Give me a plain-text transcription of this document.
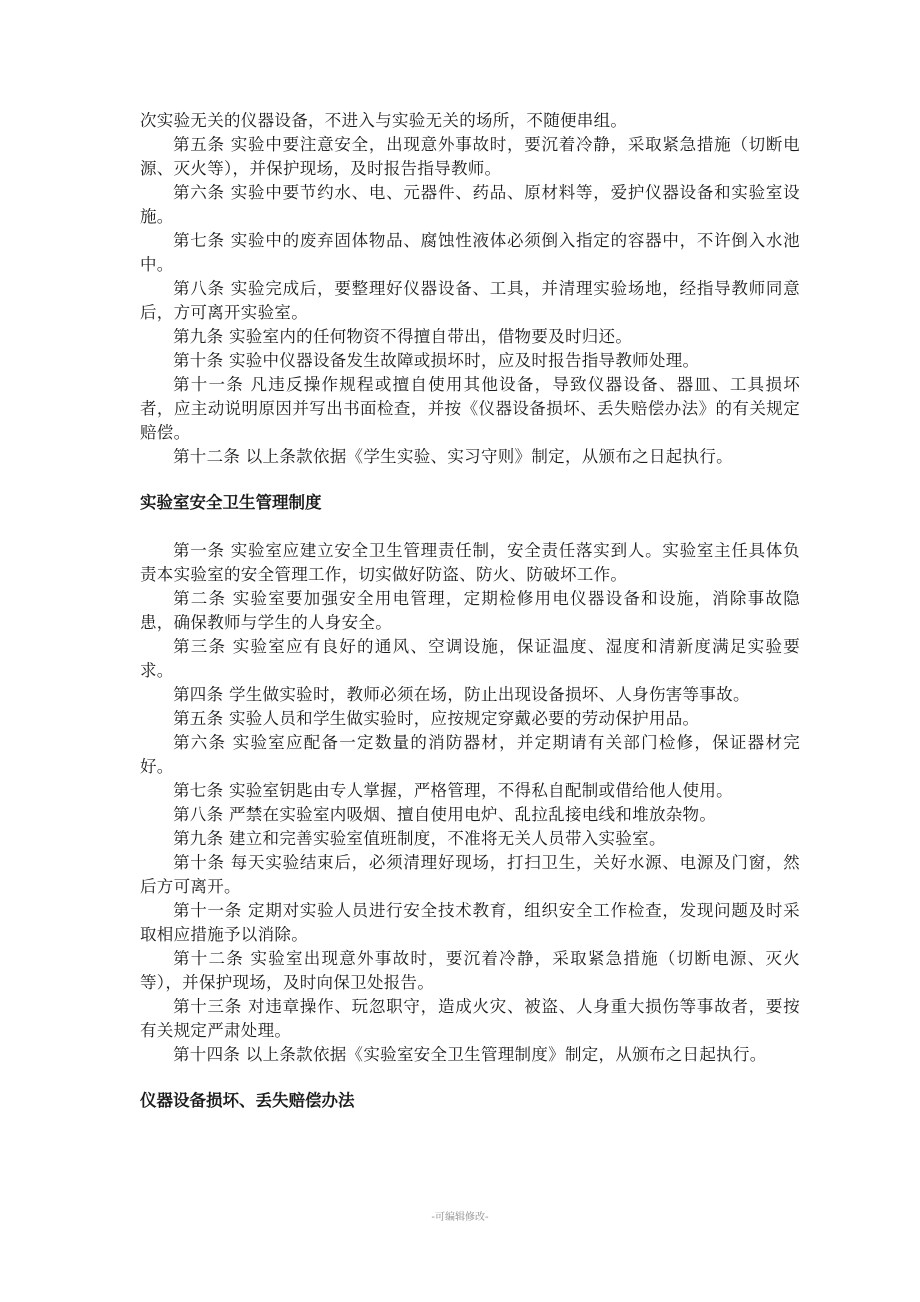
次实验无关的仪器设备，不进入与实验无关的场所，不随便串组。

第五条 实验中要注意安全，出现意外事故时，要沉着冷静，采取紧急措施（切断电源、灭火等），并保护现场，及时报告指导教师。

第六条 实验中要节约水、电、元器件、药品、原材料等，爱护仪器设备和实验室设施。

第七条 实验中的废弃固体物品、腐蚀性液体必须倒入指定的容器中，不许倒入水池中。

第八条 实验完成后，要整理好仪器设备、工具，并清理实验场地，经指导教师同意后，方可离开实验室。

第九条 实验室内的任何物资不得擅自带出，借物要及时归还。

第十条 实验中仪器设备发生故障或损坏时，应及时报告指导教师处理。

第十一条 凡违反操作规程或擅自使用其他设备，导致仪器设备、器皿、工具损坏者，应主动说明原因并写出书面检查，并按《仪器设备损坏、丢失赔偿办法》的有关规定赔偿。

第十二条 以上条款依据《学生实验、实习守则》制定，从颁布之日起执行。

实验室安全卫生管理制度

第一条 实验室应建立安全卫生管理责任制，安全责任落实到人。实验室主任具体负责本实验室的安全管理工作，切实做好防盗、防火、防破坏工作。

第二条 实验室要加强安全用电管理，定期检修用电仪器设备和设施，消除事故隐患，确保教师与学生的人身安全。

第三条 实验室应有良好的通风、空调设施，保证温度、湿度和清新度满足实验要求。

第四条 学生做实验时，教师必须在场，防止出现设备损坏、人身伤害等事故。

第五条 实验人员和学生做实验时，应按规定穿戴必要的劳动保护用品。

第六条 实验室应配备一定数量的消防器材，并定期请有关部门检修，保证器材完好。

第七条 实验室钥匙由专人掌握，严格管理，不得私自配制或借给他人使用。

第八条 严禁在实验室内吸烟、擅自使用电炉、乱拉乱接电线和堆放杂物。

第九条 建立和完善实验室值班制度，不准将无关人员带入实验室。

第十条 每天实验结束后，必须清理好现场，打扫卫生，关好水源、电源及门窗，然后方可离开。

第十一条 定期对实验人员进行安全技术教育，组织安全工作检查，发现问题及时采取相应措施予以消除。

第十二条 实验室出现意外事故时，要沉着冷静，采取紧急措施（切断电源、灭火等），并保护现场，及时向保卫处报告。

第十三条 对违章操作、玩忽职守，造成火灾、被盗、人身重大损伤等事故者，要按有关规定严肃处理。

第十四条 以上条款依据《实验室安全卫生管理制度》制定，从颁布之日起执行。

仪器设备损坏、丢失赔偿办法
-可编辑修改-
